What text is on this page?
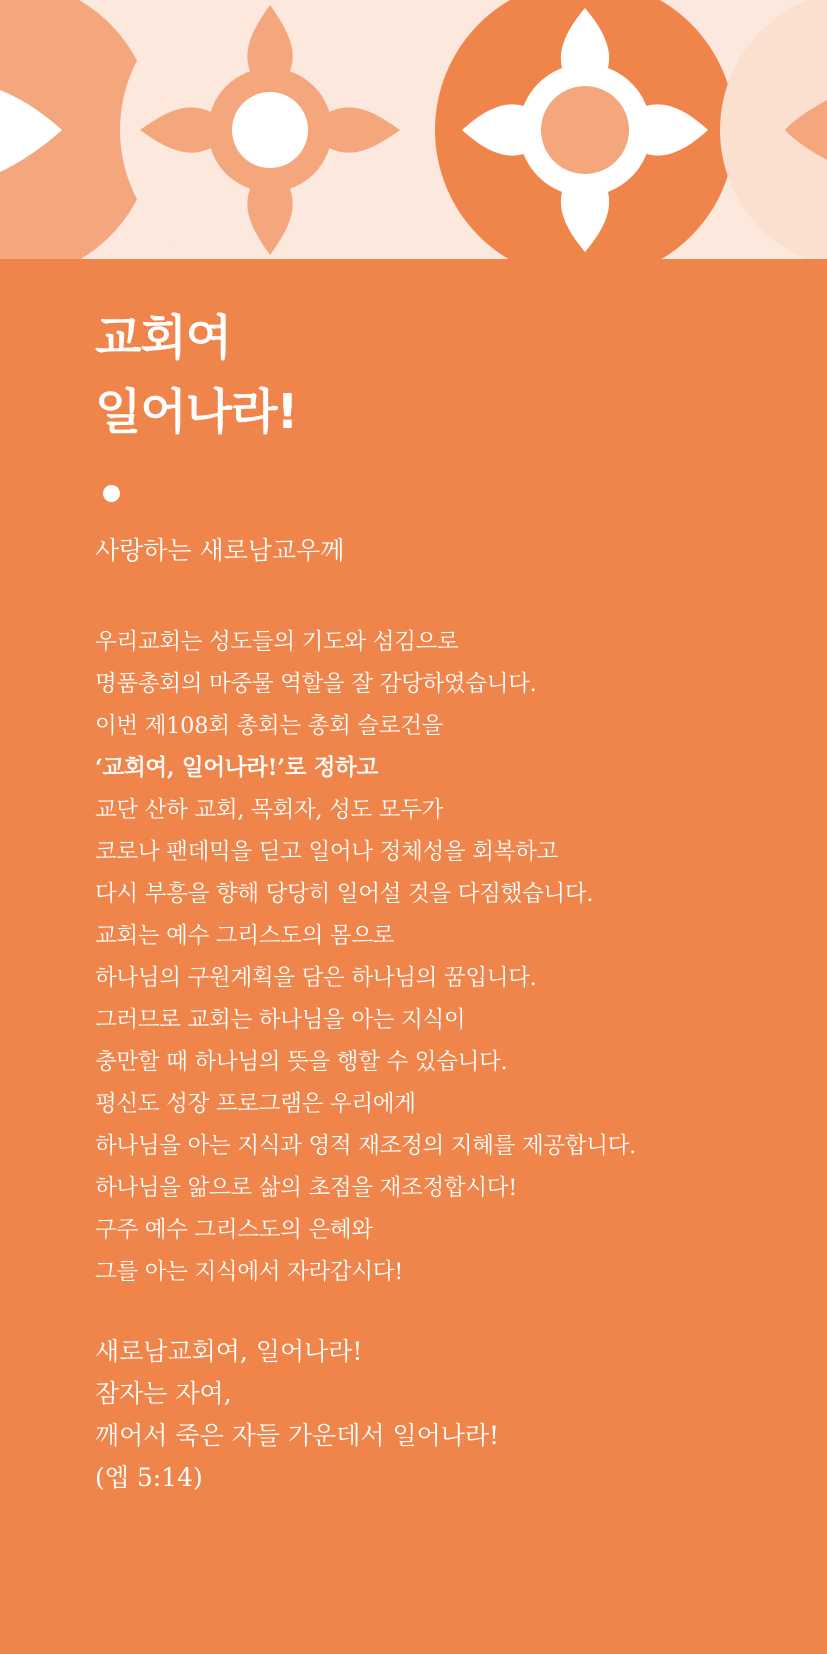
교회여
일어나라!

사랑하는 새로남교우께

우리교회는 성도들의 기도와 섬김으로
명품총회의 마중물 역할을 잘 감당하였습니다.
이번 제108회 총회는 총회 슬로건을
‘교회여, 일어나라!’로 정하고
교단 산하 교회, 목회자, 성도 모두가
코로나 팬데믹을 딛고 일어나 정체성을 회복하고
다시 부흥을 향해 당당히 일어설 것을 다짐했습니다.
교회는 예수 그리스도의 몸으로
하나님의 구원계획을 담은 하나님의 꿈입니다.
그러므로 교회는 하나님을 아는 지식이
충만할 때 하나님의 뜻을 행할 수 있습니다.
평신도 성장 프로그램은 우리에게
하나님을 아는 지식과 영적 재조정의 지혜를 제공합니다.
하나님을 앎으로 삶의 초점을 재조정합시다!
구주 예수 그리스도의 은혜와
그를 아는 지식에서 자라갑시다!
새로남교회여, 일어나라!
잠자는 자여,
깨어서 죽은 자들 가운데서 일어나라!
(엡 5:14)
